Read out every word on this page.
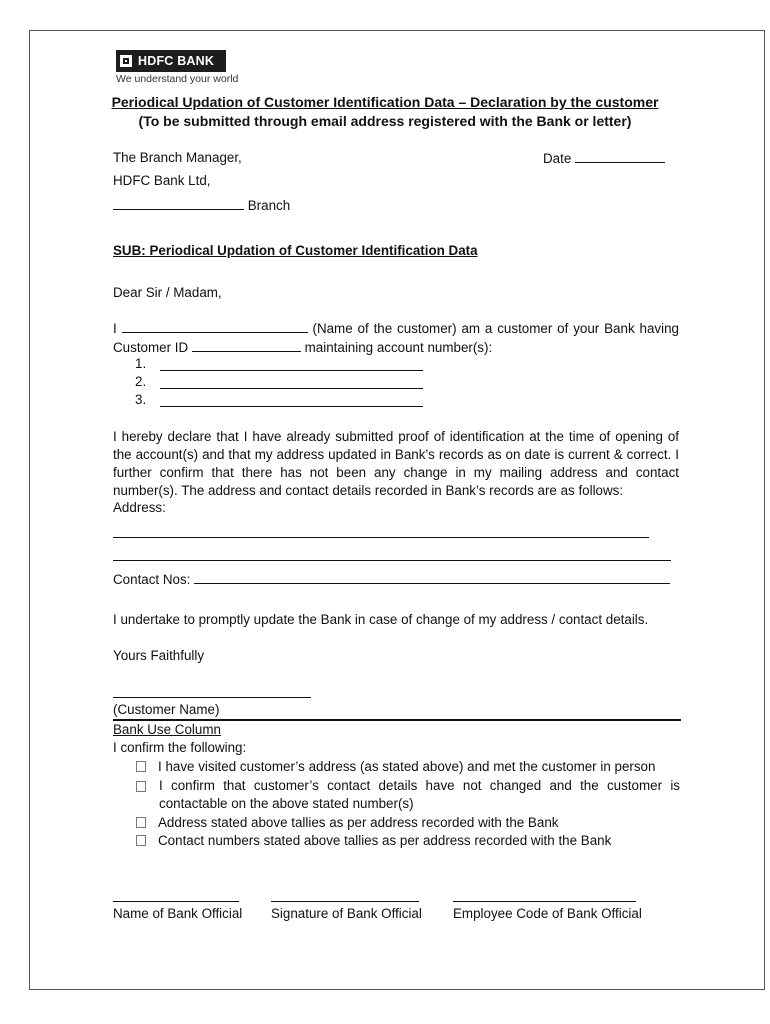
HDFC BANK
We understand your world
Periodical Updation of Customer Identification Data – Declaration by the customer
(To be submitted through email address registered with the Bank or letter)
The Branch Manager,	Date
HDFC Bank Ltd,
Branch
SUB: Periodical Updation of Customer Identification Data
Dear Sir / Madam,
I	(Name of the customer) am a customer of your Bank having
Customer ID	maintaining account number(s):
1.
2.
3.
I hereby declare that I have already submitted proof of identification at the time of opening of the account(s) and that my address updated in Bank’s records as on date is current & correct. I further confirm that there has not been any change in my mailing address and contact number(s). The address and contact details recorded in Bank’s records are as follows:
Address:
Contact Nos:
I undertake to promptly update the Bank in case of change of my address / contact details.
Yours Faithfully
(Customer Name)
Bank Use Column
I confirm the following:
I have visited customer’s address (as stated above) and met the customer in person
I confirm that customer’s contact details have not changed and the customer is contactable on the above stated number(s)
Address stated above tallies as per address recorded with the Bank
Contact numbers stated above tallies as per address recorded with the Bank
Name of Bank Official Signature of Bank Official Employee Code of Bank Official
